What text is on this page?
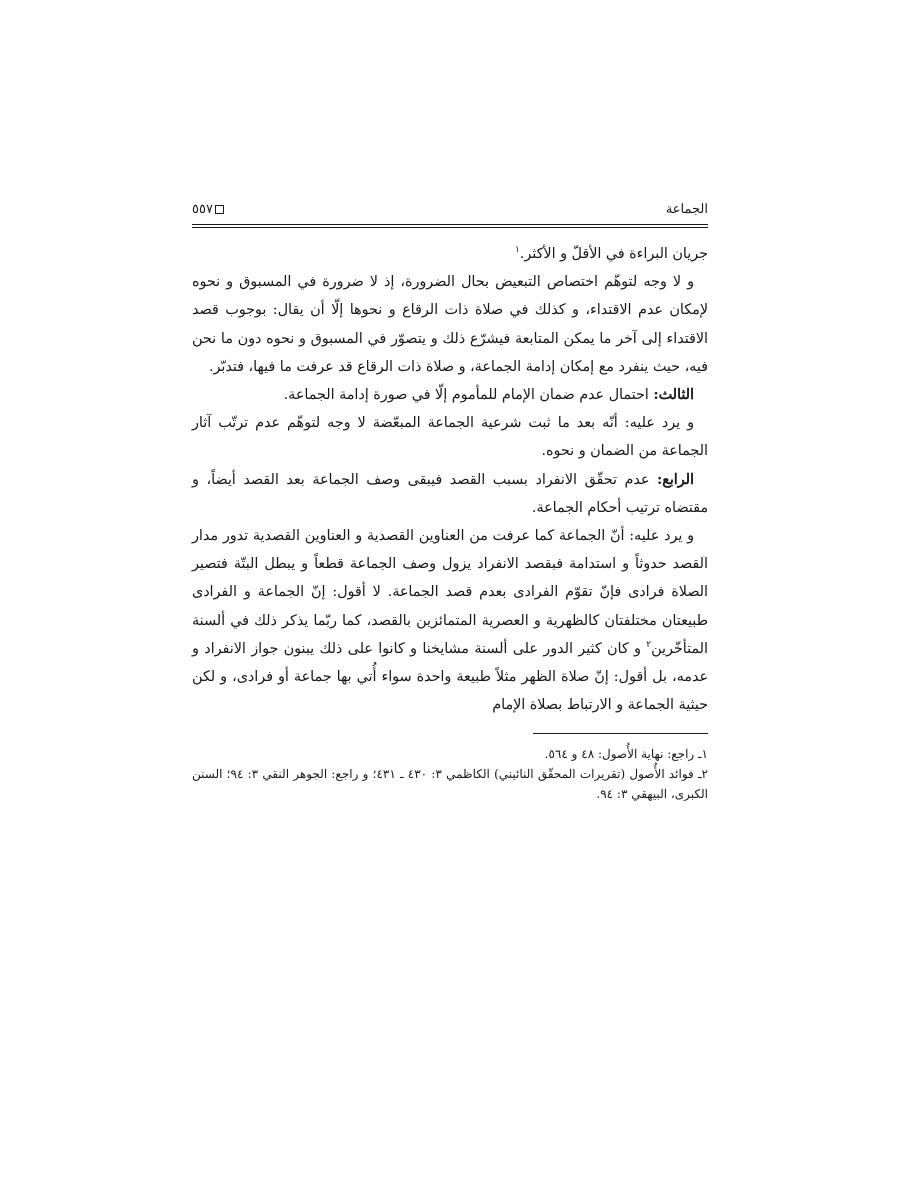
الجماعة
٥٥٧

جريان البراءة في الأقلّ و الأكثر.$^١$

و لا وجه لتوهّم اختصاص التبعيض بحال الضرورة، إذ لا ضرورة في المسبوق و نحوه لإمكان عدم الاقتداء، و كذلك في صلاة ذات الرقاع و نحوها إلّا أن يقال: بوجوب قصد الاقتداء إلى آخر ما يمكن المتابعة فيشرّع ذلك و يتصوّر في المسبوق و نحوه دون ما نحن فيه، حيث ينفرد مع إمكان إدامة الجماعة، و صلاة ذات الرقاع قد عرفت ما فيها، فتدبّر.

الثالث: احتمال عدم ضمان الإمام للمأموم إلّا في صورة إدامة الجماعة.

و يرد عليه: أنّه بعد ما ثبت شرعية الجماعة المبعّضة لا وجه لتوهّم عدم ترتّب آثار الجماعة من الضمان و نحوه.

الرابع: عدم تحقّق الانفراد بسبب القصد فيبقى وصف الجماعة بعد القصد أيضاً، و مقتضاه ترتيب أحكام الجماعة.

و يرد عليه: أنّ الجماعة كما عرفت من العناوين القصدية و العناوين القصدية تدور مدار القصد حدوثاً و استدامة فبقصد الانفراد يزول وصف الجماعة قطعاً و يبطل البتّة فتصير الصلاة فرادى فإنّ تقوّم الفرادى بعدم قصد الجماعة. لا أقول: إنّ الجماعة و الفرادى طبيعتان مختلفتان كالظهرية و العصرية المتمائزين بالقصد، كما ربّما يذكر ذلك في ألسنة المتأخّرين$^٢$ و كان كثير الدور على ألسنة مشايخنا و كانوا على ذلك يبنون جواز الانفراد و عدمه، بل أقول: إنّ صلاة الظهر مثلاً طبيعة واحدة سواء أُتي بها جماعة أو فرادى، و لكن حيثية الجماعة و الارتباط بصلاة الإمام

١ـ راجع: نهاية الأُصول: ٤٨ و ٥٦٤.

٢ـ فوائد الأُصول (تقريرات المحقّق النائيني) الكاظمي ٣: ٤٣٠ ـ ٤٣١؛ و راجع: الجوهر النقي ٣: ٩٤؛ السنن الكبرى، البيهقي ٣: ٩٤.
